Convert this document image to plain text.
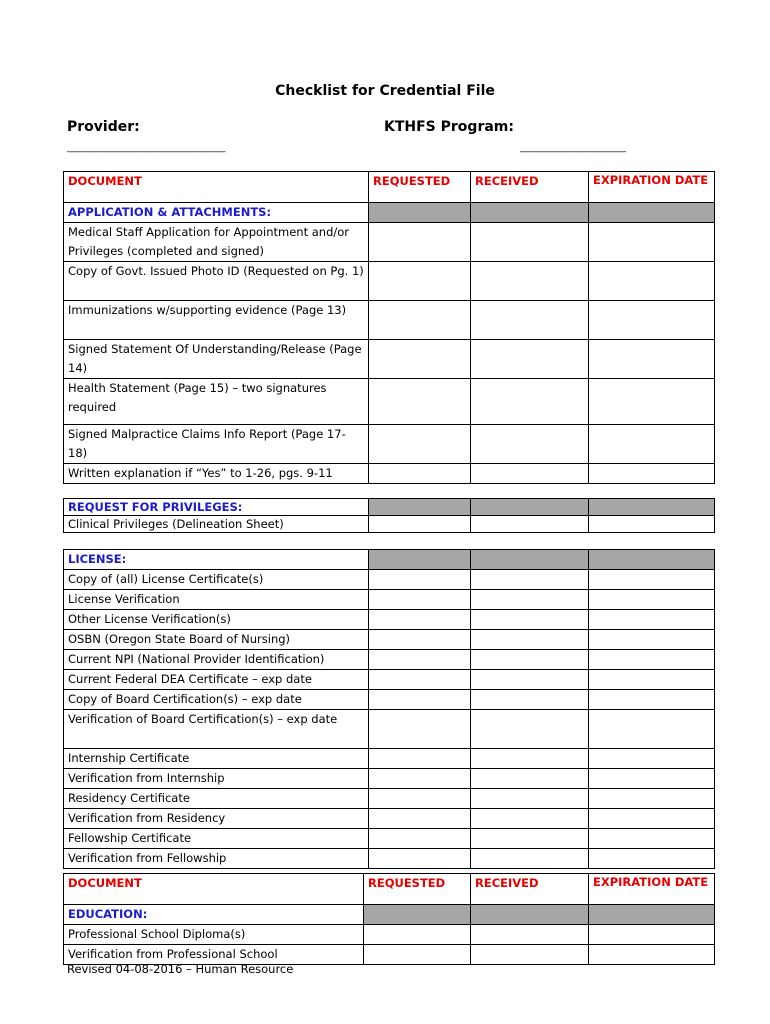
Checklist for Credential File
Provider:	KTHFS Program:
_____________________________________________	______________________________
DOCUMENT	REQUESTED	RECEIVED	EXPIRATION DATE
APPLICATION & ATTACHMENTS:			
Medical Staff Application for Appointment and/or Privileges (completed and signed)			
Copy of Govt. Issued Photo ID (Requested on Pg. 1)			
Immunizations w/supporting evidence (Page 13)			
Signed Statement Of Understanding/Release (Page 14)			
Health Statement (Page 15) – two signatures required			
Signed Malpractice Claims Info Report (Page 17-18)			
Written explanation if “Yes” to 1-26, pgs. 9-11			
REQUEST FOR PRIVILEGES:			
Clinical Privileges (Delineation Sheet)			
LICENSE:			
Copy of (all) License Certificate(s)			
License Verification			
Other License Verification(s)			
OSBN (Oregon State Board of Nursing)			
Current NPI (National Provider Identification)			
Current Federal DEA Certificate – exp date			
Copy of Board Certification(s) – exp date			
Verification of Board Certification(s) – exp date			
Internship Certificate			
Verification from Internship			
Residency Certificate			
Verification from Residency			
Fellowship Certificate			
Verification from Fellowship			
DOCUMENT	REQUESTED	RECEIVED	EXPIRATION DATE
EDUCATION:			
Professional School Diploma(s)			
Verification from Professional School			
Revised 04-08-2016 – Human Resource
